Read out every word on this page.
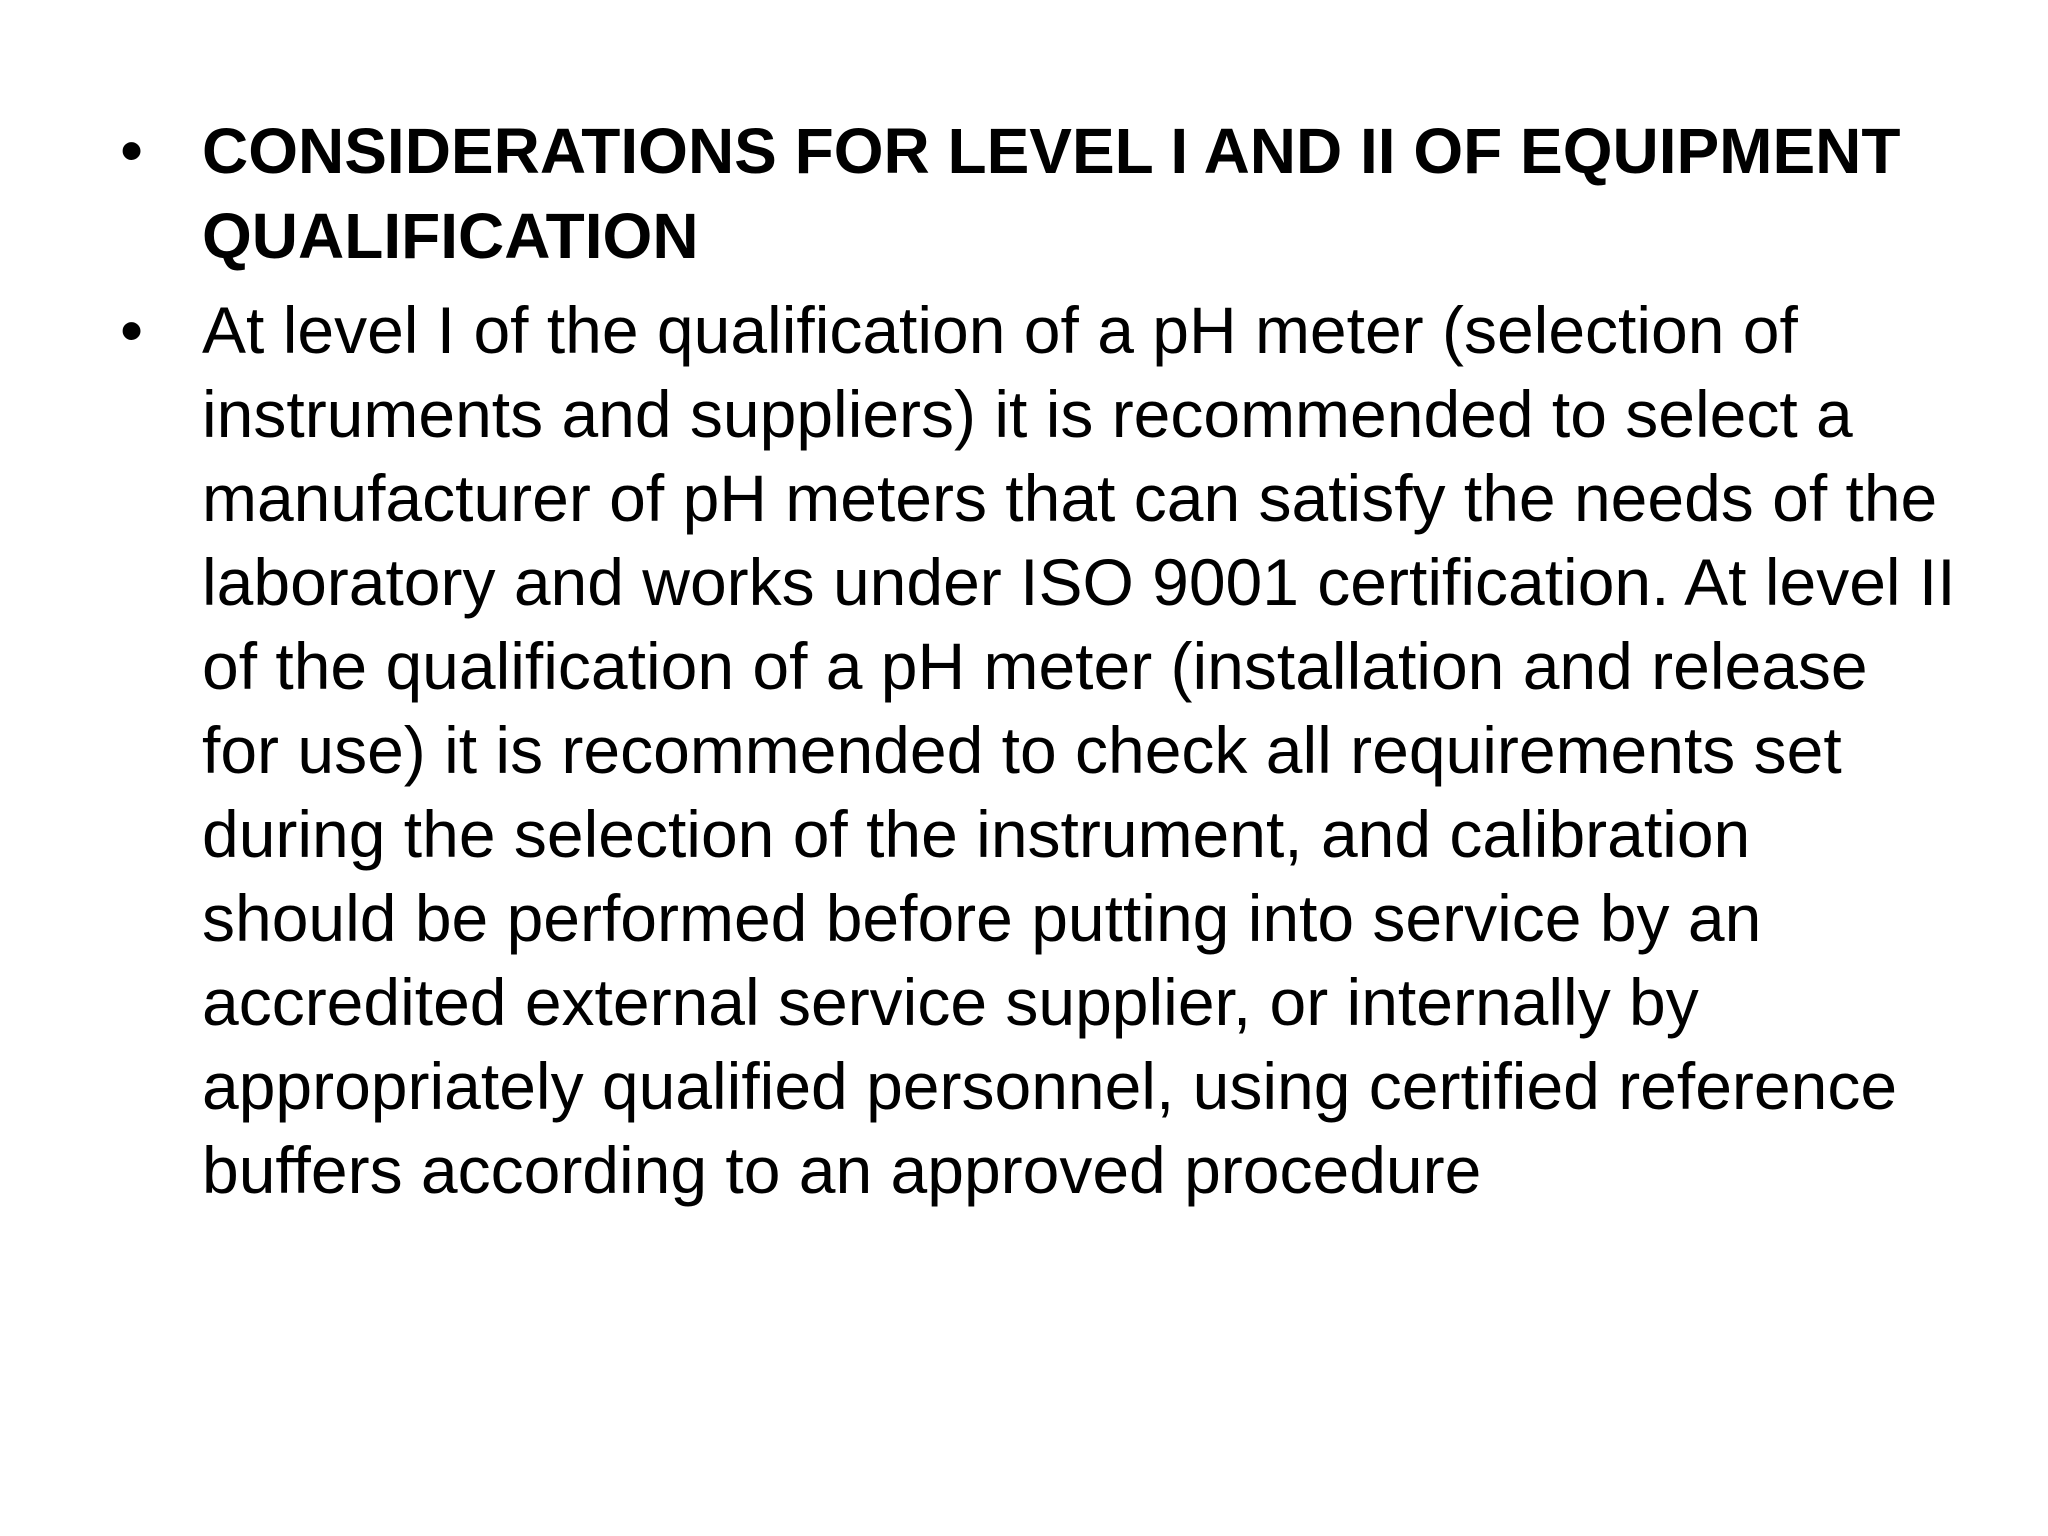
• CONSIDERATIONS FOR LEVEL I AND II OF EQUIPMENT QUALIFICATION
• At level I of the qualification of a pH meter (selection of instruments and suppliers) it is recommended to select a manufacturer of pH meters that can satisfy the needs of the laboratory and works under ISO 9001 certification. At level II of the qualification of a pH meter (installation and release for use) it is recommended to check all requirements set during the selection of the instrument, and calibration should be performed before putting into service by an accredited external service supplier, or internally by appropriately qualified personnel, using certified reference buffers according to an approved procedure
